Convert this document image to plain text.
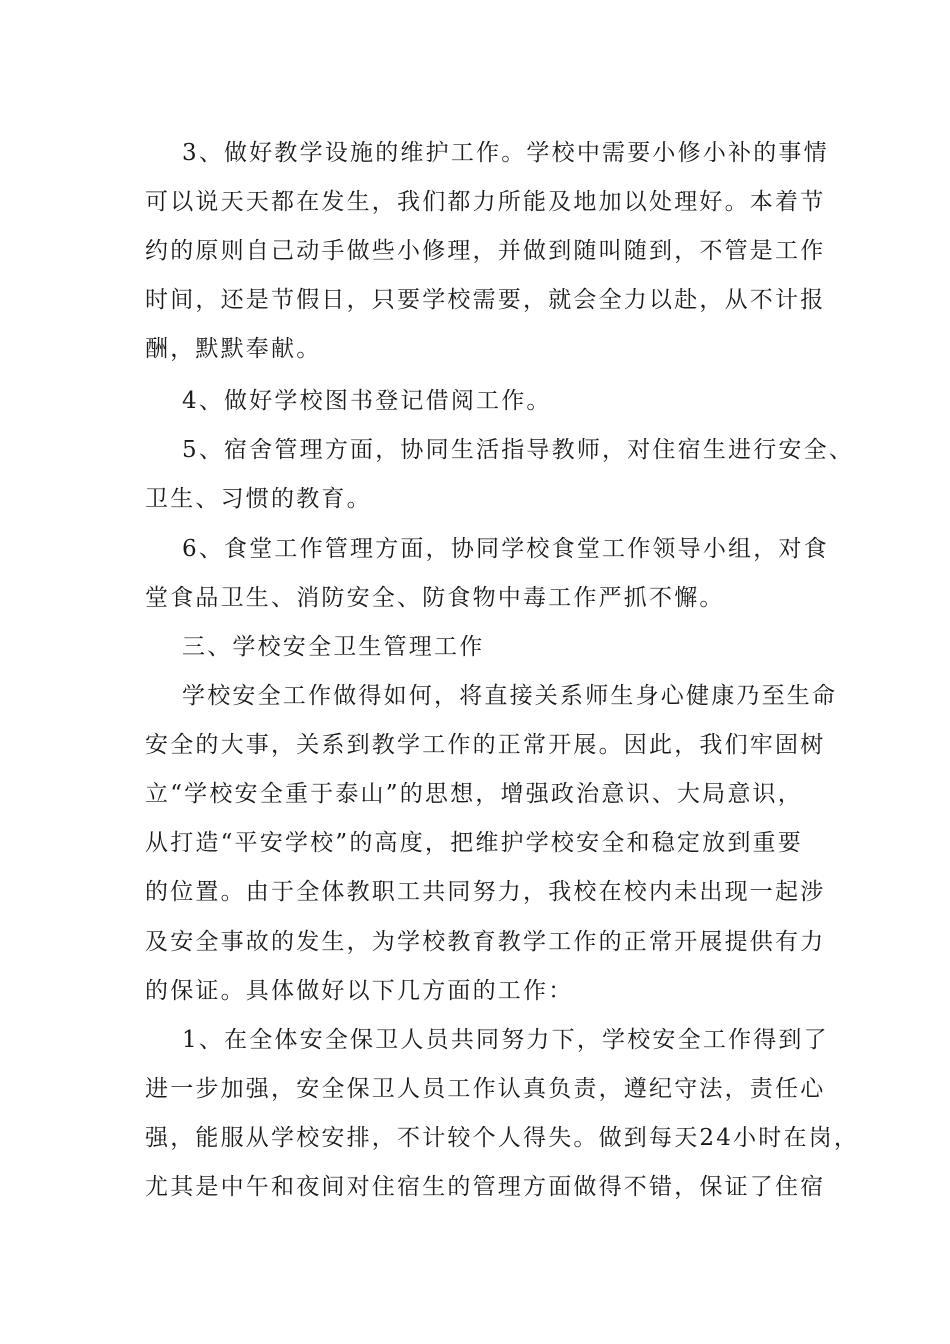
3、做好教学设施的维护工作。学校中需要小修小补的事情
可以说天天都在发生，我们都力所能及地加以处理好。本着节
约的原则自己动手做些小修理，并做到随叫随到，不管是工作
时间，还是节假日，只要学校需要，就会全力以赴，从不计报
酬，默默奉献。
4、做好学校图书登记借阅工作。
5、宿舍管理方面，协同生活指导教师，对住宿生进行安全、
卫生、习惯的教育。
6、食堂工作管理方面，协同学校食堂工作领导小组，对食
堂食品卫生、消防安全、防食物中毒工作严抓不懈。
三、学校安全卫生管理工作
学校安全工作做得如何，将直接关系师生身心健康乃至生命
安全的大事，关系到教学工作的正常开展。因此，我们牢固树
立“学校安全重于泰山”的思想，增强政治意识、大局意识，
从打造“平安学校”的高度，把维护学校安全和稳定放到重要
的位置。由于全体教职工共同努力，我校在校内未出现一起涉
及安全事故的发生，为学校教育教学工作的正常开展提供有力
的保证。具体做好以下几方面的工作：
1、在全体安全保卫人员共同努力下，学校安全工作得到了
进一步加强，安全保卫人员工作认真负责，遵纪守法，责任心
强，能服从学校安排，不计较个人得失。做到每天24小时在岗，
尤其是中午和夜间对住宿生的管理方面做得不错，保证了住宿
